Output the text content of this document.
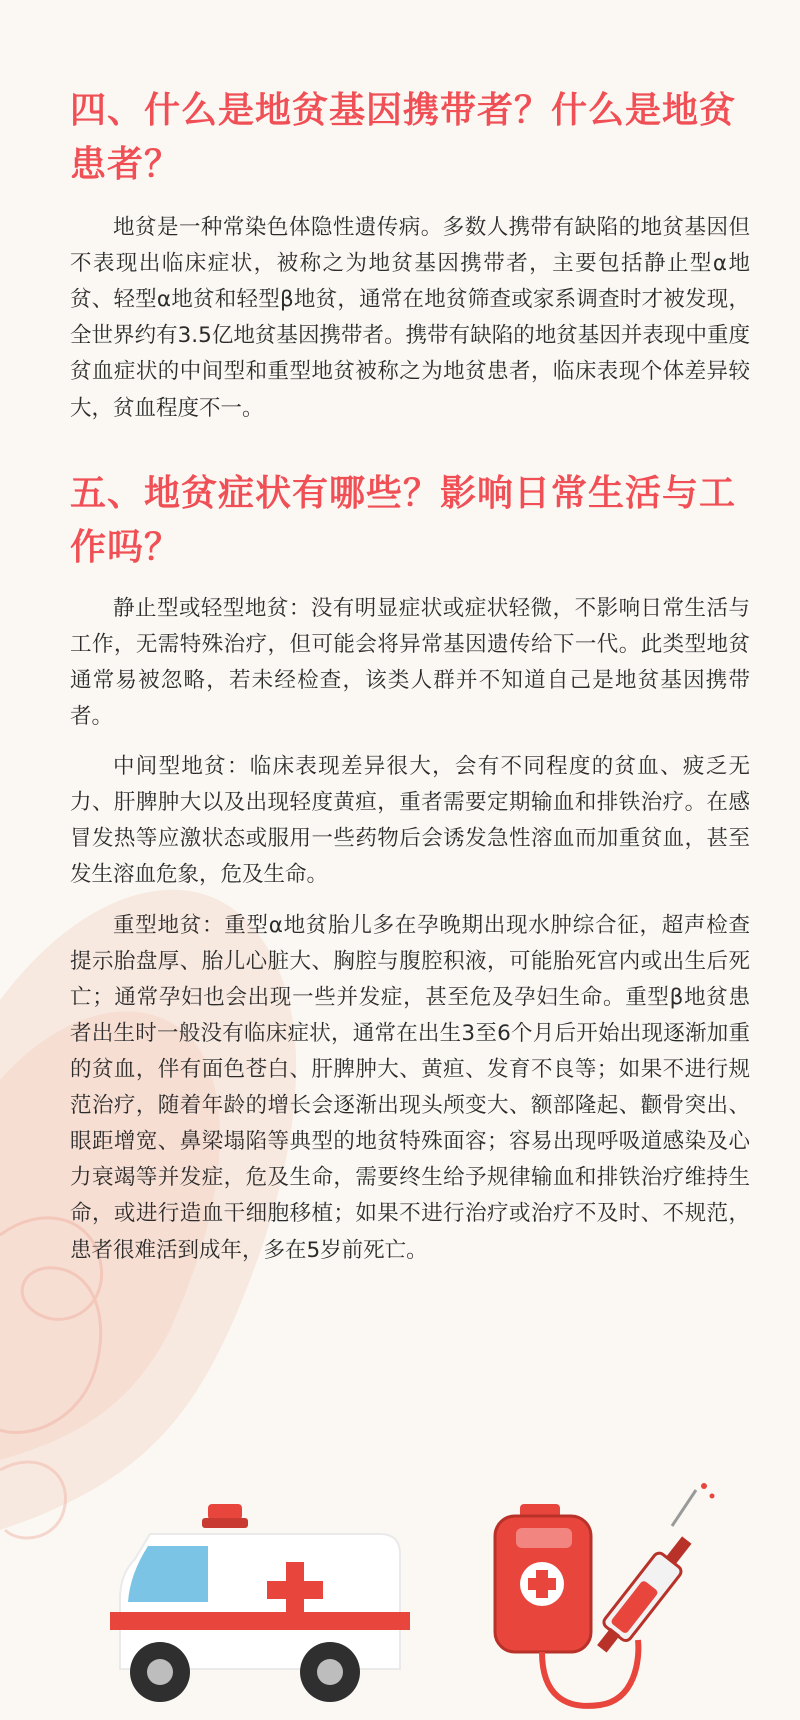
四、什么是地贫基因携带者？什么是地贫患者？

地贫是一种常染色体隐性遗传病。多数人携带有缺陷的地贫基因但不表现出临床症状，被称之为地贫基因携带者，主要包括静止型α地贫、轻型α地贫和轻型β地贫，通常在地贫筛查或家系调查时才被发现，全世界约有3.5亿地贫基因携带者。携带有缺陷的地贫基因并表现中重度贫血症状的中间型和重型地贫被称之为地贫患者，临床表现个体差异较大，贫血程度不一。

五、地贫症状有哪些？影响日常生活与工作吗？

静止型或轻型地贫：没有明显症状或症状轻微，不影响日常生活与工作，无需特殊治疗，但可能会将异常基因遗传给下一代。此类型地贫通常易被忽略，若未经检查，该类人群并不知道自己是地贫基因携带者。

中间型地贫：临床表现差异很大，会有不同程度的贫血、疲乏无力、肝脾肿大以及出现轻度黄疸，重者需要定期输血和排铁治疗。在感冒发热等应激状态或服用一些药物后会诱发急性溶血而加重贫血，甚至发生溶血危象，危及生命。

重型地贫：重型α地贫胎儿多在孕晚期出现水肿综合征，超声检查提示胎盘厚、胎儿心脏大、胸腔与腹腔积液，可能胎死宫内或出生后死亡；通常孕妇也会出现一些并发症，甚至危及孕妇生命。重型β地贫患者出生时一般没有临床症状，通常在出生3至6个月后开始出现逐渐加重的贫血，伴有面色苍白、肝脾肿大、黄疸、发育不良等；如果不进行规范治疗，随着年龄的增长会逐渐出现头颅变大、额部隆起、颧骨突出、眼距增宽、鼻梁塌陷等典型的地贫特殊面容；容易出现呼吸道感染及心力衰竭等并发症，危及生命，需要终生给予规律输血和排铁治疗维持生命，或进行造血干细胞移植；如果不进行治疗或治疗不及时、不规范，患者很难活到成年，多在5岁前死亡。
